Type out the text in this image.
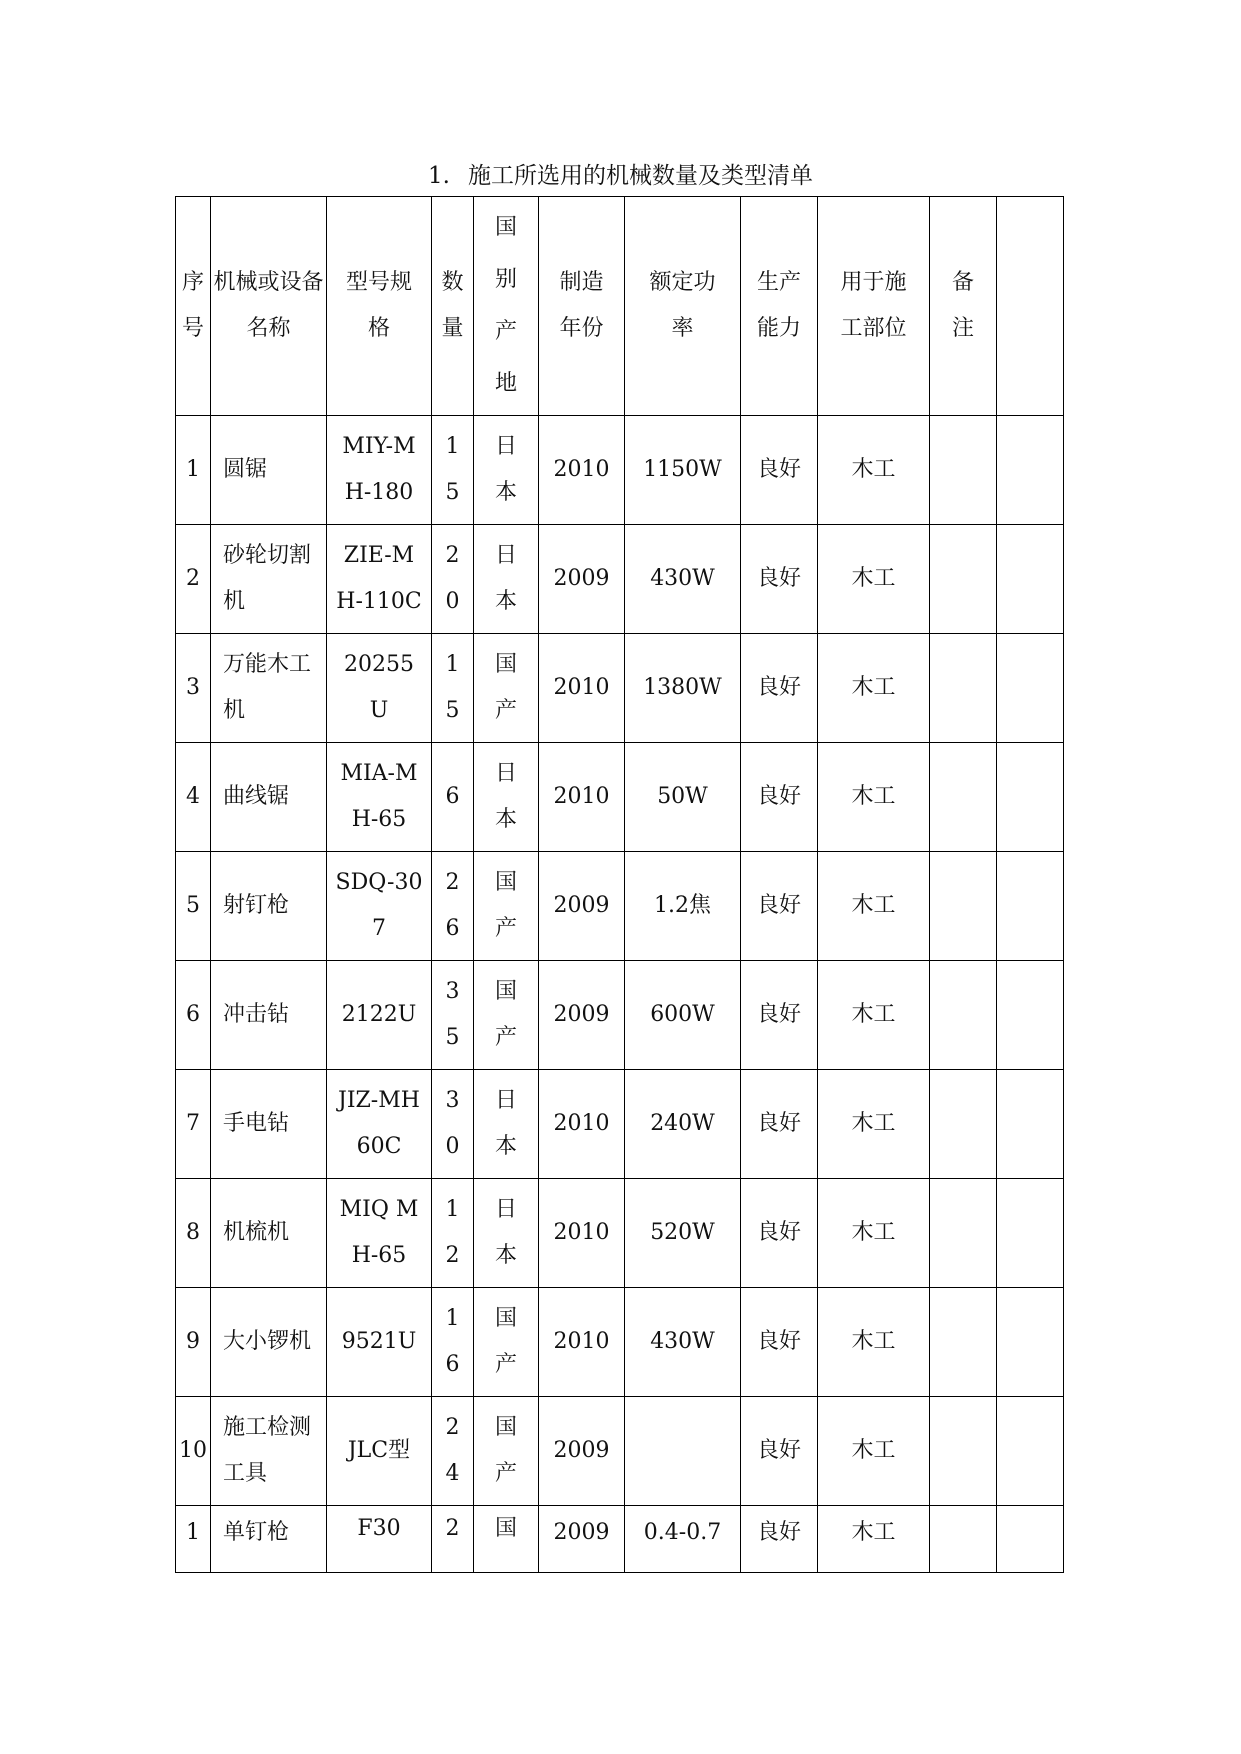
1. 施工所选用的机械数量及类型清单
序号	机械或设备名称	型号规格	数量	国别产地	制造年份	额定功率	生产能力	用于施工部位	备注	
1	圆锯	MIY-MH-180	15	日本	2010	1150W	良好	木工		
2	砂轮切割机	ZIE-MH-110C	20	日本	2009	430W	良好	木工		
3	万能木工机	20255U	15	国产	2010	1380W	良好	木工		
4	曲线锯	MIA-MH-65	6	日本	2010	50W	良好	木工		
5	射钉枪	SDQ-307	26	国产	2009	1.2焦	良好	木工		
6	冲击钻	2122U	35	国产	2009	600W	良好	木工		
7	手电钻	JIZ-MH 60C	30	日本	2010	240W	良好	木工		
8	机梳机	MIQ MH-65	12	日本	2010	520W	良好	木工		
9	大小锣机	9521U	16	国产	2010	430W	良好	木工		
10	施工检测工具	JLC型	24	国产	2009		良好	木工		
1	单钉枪	F30	2	国	2009	0.4-0.7	良好	木工		
